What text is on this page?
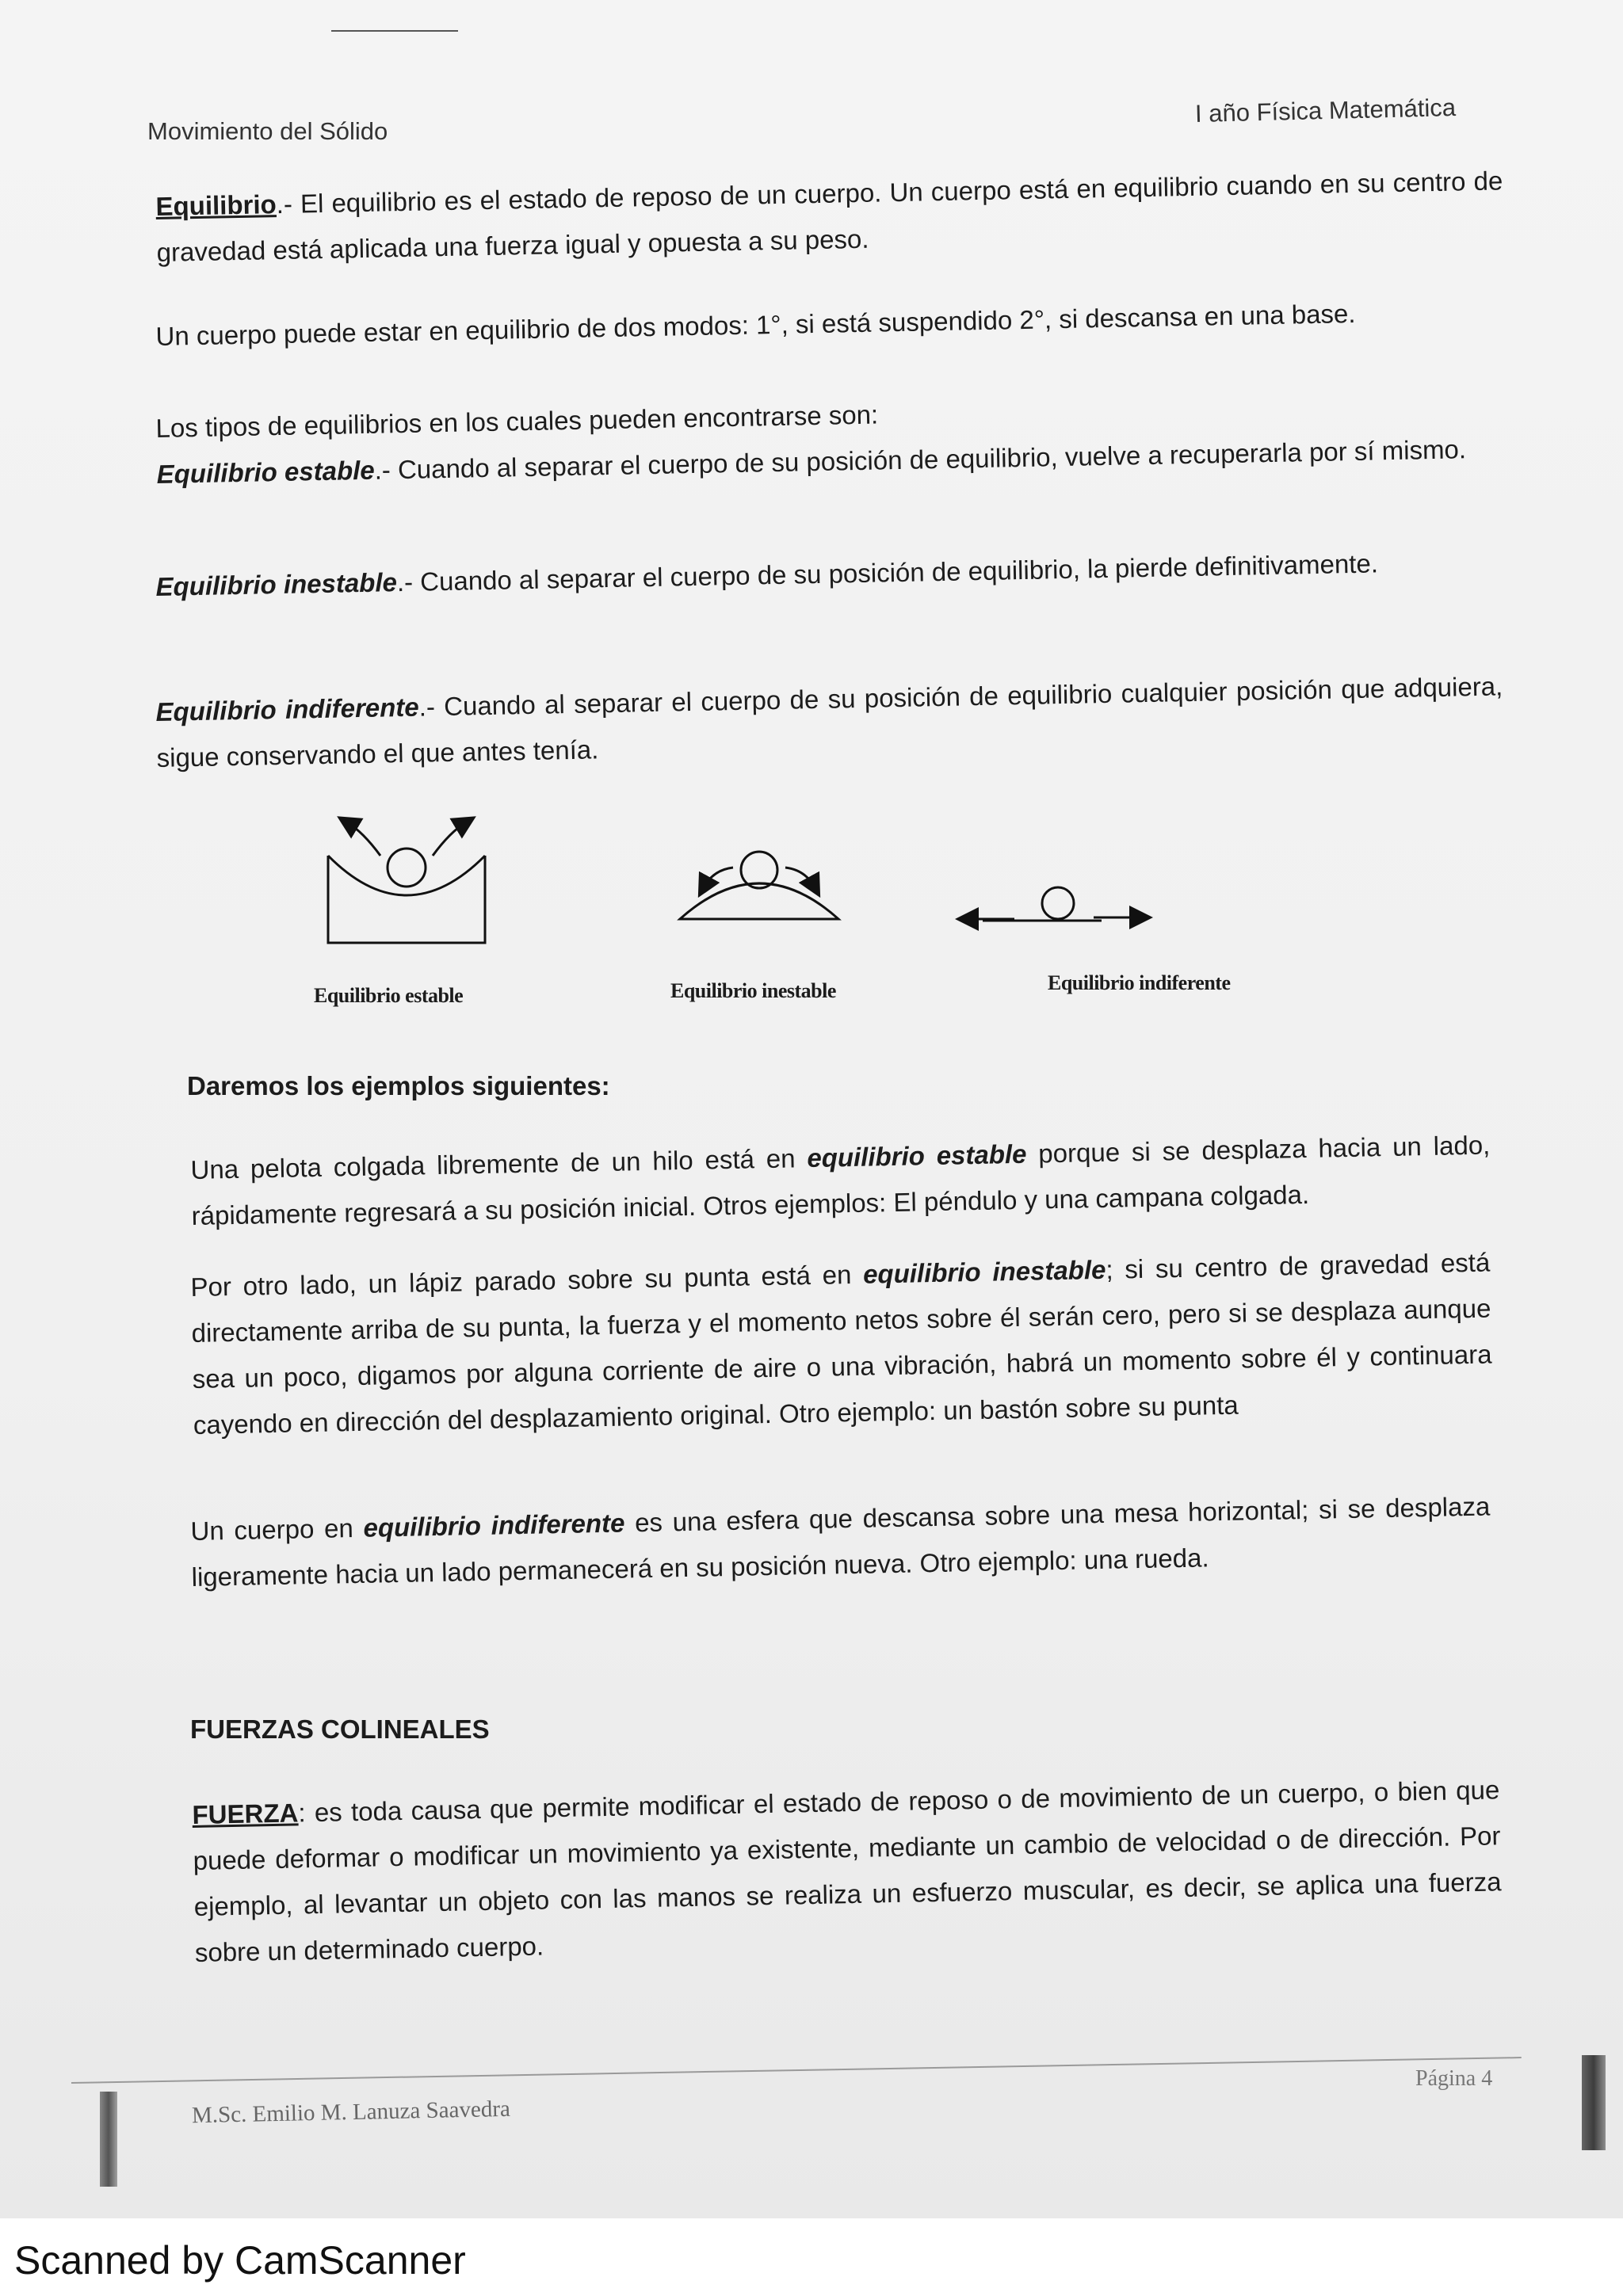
Movimiento del Sólido
I año Física Matemática
Equilibrio.- El equilibrio es el estado de reposo de un cuerpo. Un cuerpo está en equilibrio cuando en su centro de gravedad está aplicada una fuerza igual y opuesta a su peso.
Un cuerpo puede estar en equilibrio de dos modos: 1°, si está suspendido 2°, si descansa en una base.
Los tipos de equilibrios en los cuales pueden encontrarse son:
Equilibrio estable.- Cuando al separar el cuerpo de su posición de equilibrio, vuelve a recuperarla por sí mismo.
Equilibrio inestable.- Cuando al separar el cuerpo de su posición de equilibrio, la pierde definitivamente.
Equilibrio indiferente.- Cuando al separar el cuerpo de su posición de equilibrio cualquier posición que adquiera, sigue conservando el que antes tenía.
Equilibrio estable	Equilibrio inestable	Equilibrio indiferente
Daremos los ejemplos siguientes:
Una pelota colgada libremente de un hilo está en equilibrio estable porque si se desplaza hacia un lado, rápidamente regresará a su posición inicial. Otros ejemplos: El péndulo y una campana colgada.
Por otro lado, un lápiz parado sobre su punta está en equilibrio inestable; si su centro de gravedad está directamente arriba de su punta, la fuerza y el momento netos sobre él serán cero, pero si se desplaza aunque sea un poco, digamos por alguna corriente de aire o una vibración, habrá un momento sobre él y continuara cayendo en dirección del desplazamiento original. Otro ejemplo: un bastón sobre su punta
Un cuerpo en equilibrio indiferente es una esfera que descansa sobre una mesa horizontal; si se desplaza ligeramente hacia un lado permanecerá en su posición nueva. Otro ejemplo: una rueda.
FUERZAS COLINEALES
FUERZA: es toda causa que permite modificar el estado de reposo o de movimiento de un cuerpo, o bien que puede deformar o modificar un movimiento ya existente, mediante un cambio de velocidad o de dirección. Por ejemplo, al levantar un objeto con las manos se realiza un esfuerzo muscular, es decir, se aplica una fuerza sobre un determinado cuerpo.
M.Sc. Emilio M. Lanuza Saavedra
Página 4
Scanned by CamScanner
